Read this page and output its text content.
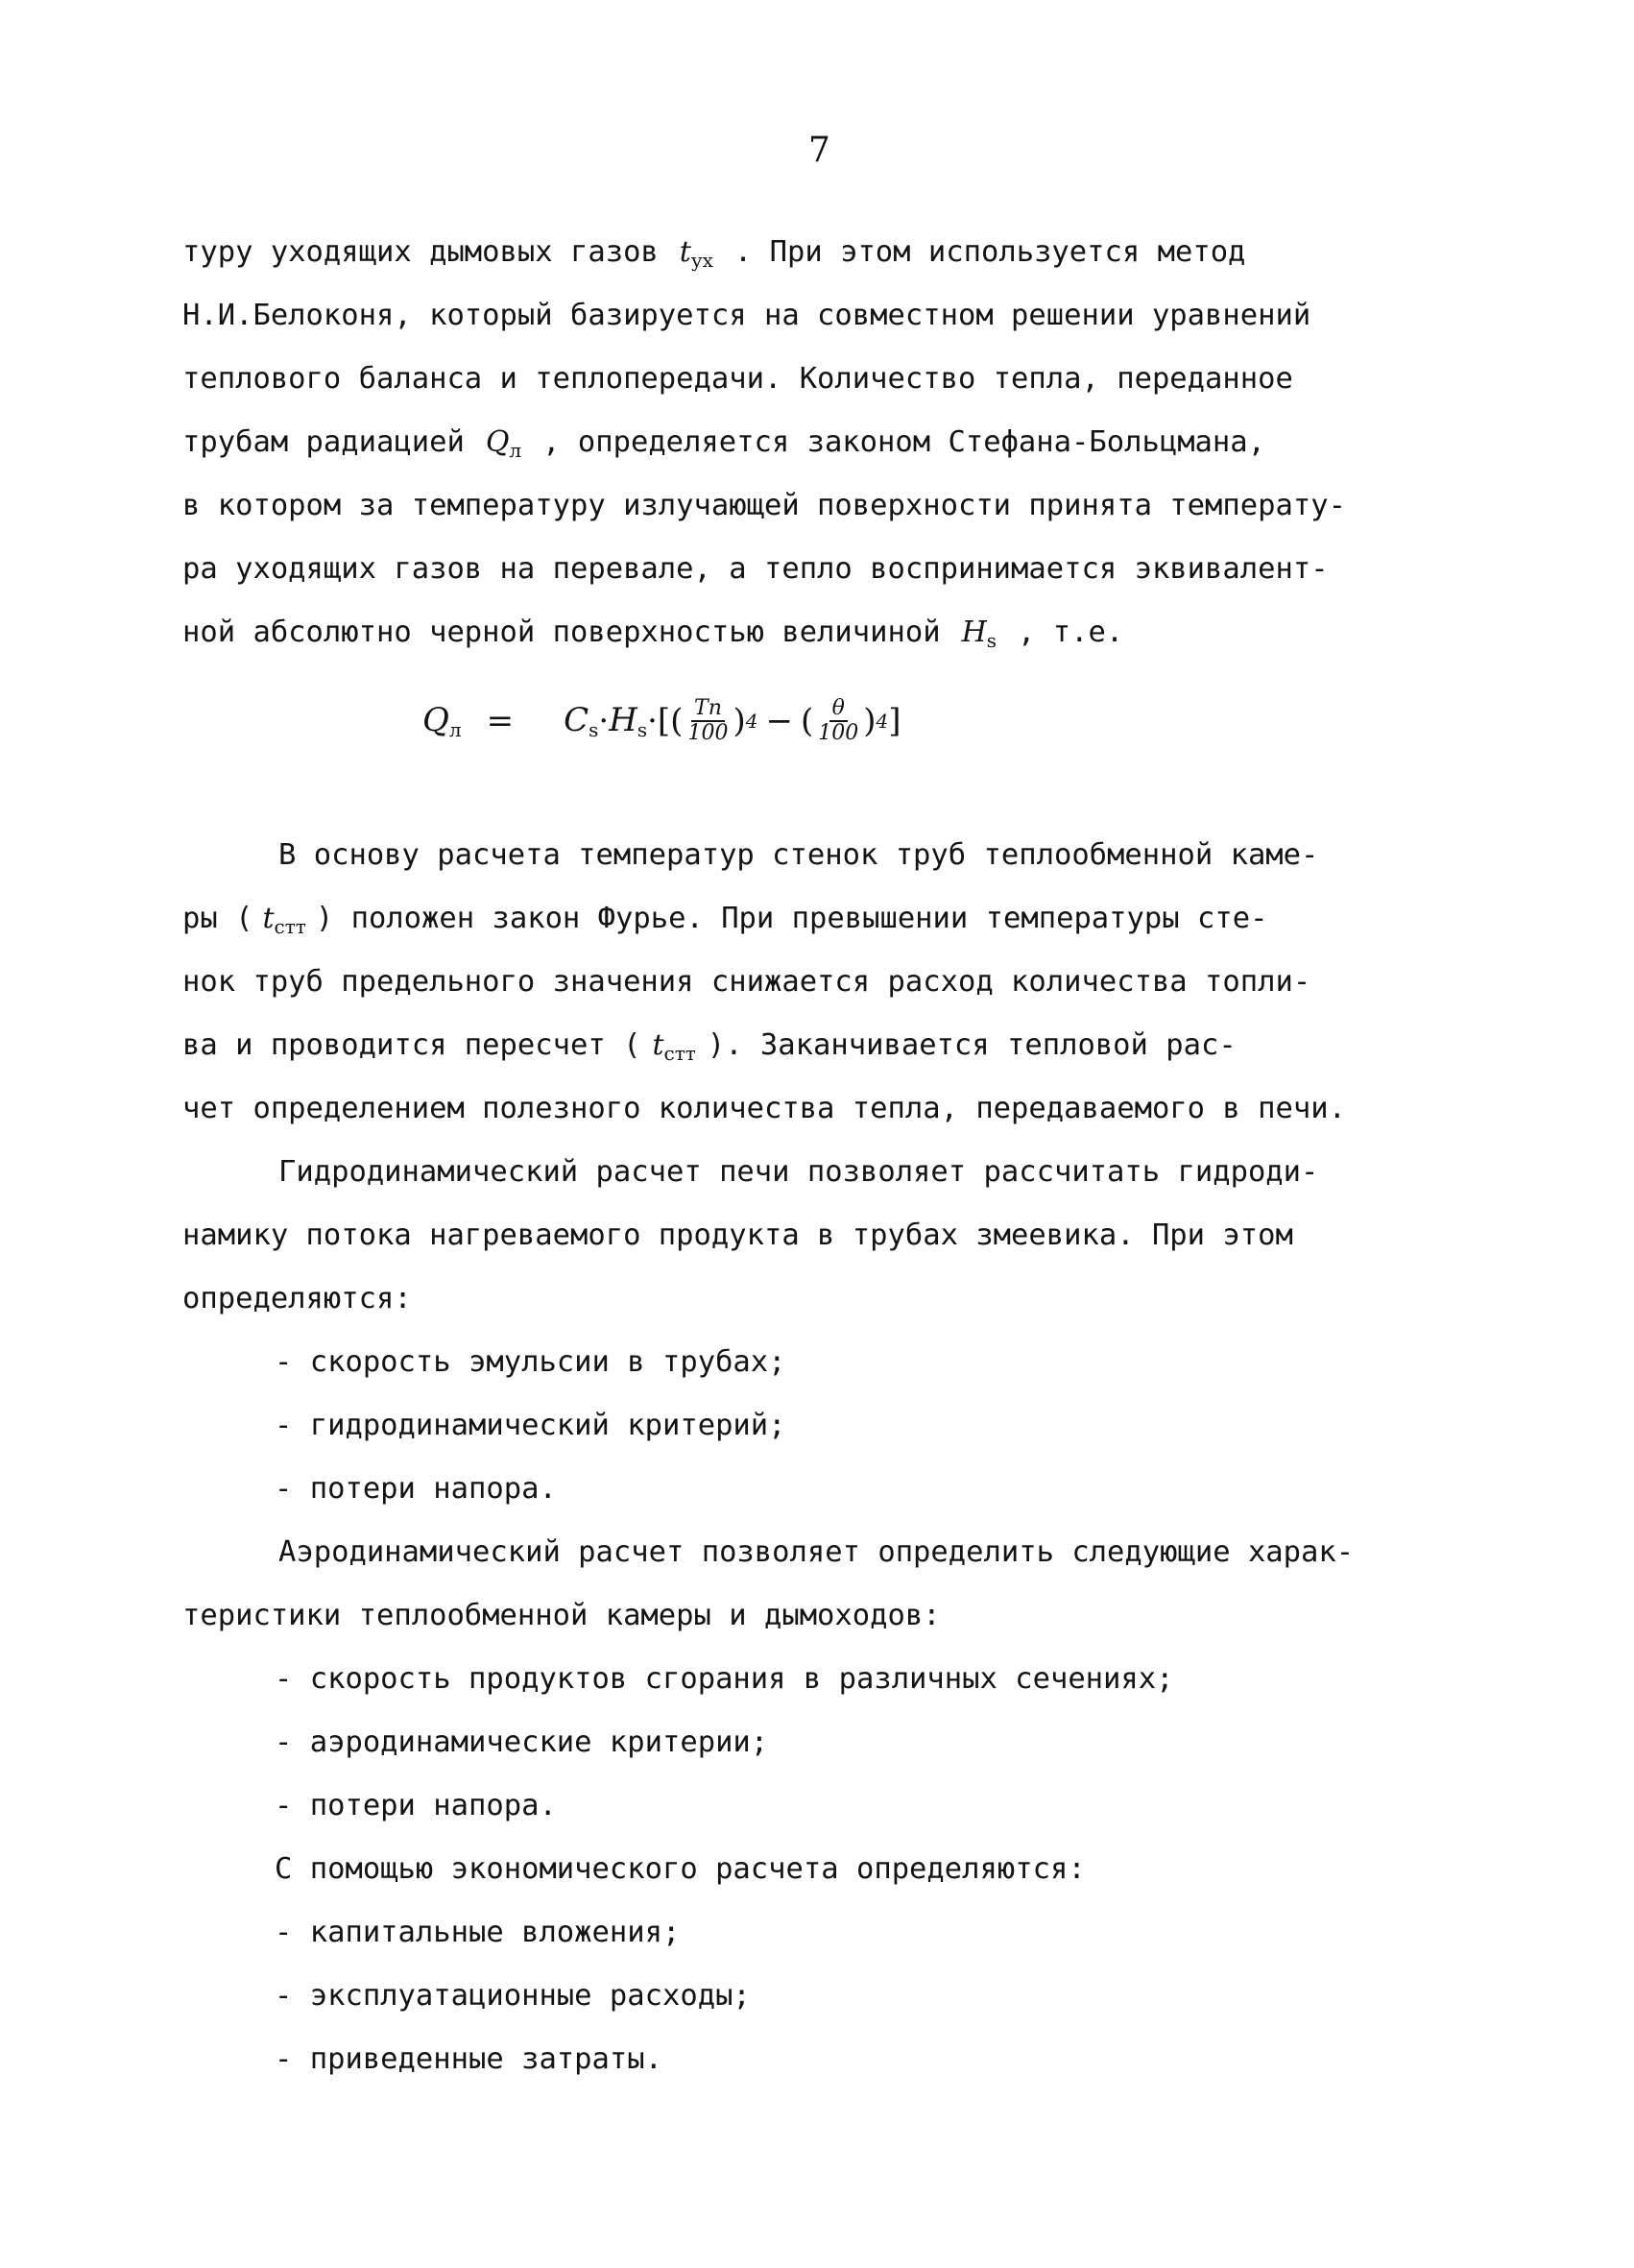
7
туру уходящих дымовых газов $t_{ух}$ . При этом используется метод
Н.И.Белоконя, который базируется на совместном решении уравнений
теплового баланса и теплопередачи. Количество тепла, переданное
трубам радиацией $Q_л$ , определяется законом Стефана-Больцмана,
в котором за температуру излучающей поверхности принята температу-
ра уходящих газов на перевале, а тепло воспринимается эквивалент-
ной абсолютно черной поверхностью величиной $H_s$ , т.е.
$Q_л = C_s \cdot H_s$ ·[( $\frac{Tп}{100}$ ) 4 − ( $\frac{\theta}{100}$ ) 4 ]
В основу расчета температур стенок труб теплообменной каме-
ры ( $t_{стт}$ ) положен закон Фурье. При превышении температуры сте-
нок труб предельного значения снижается расход количества топли-
ва и проводится пересчет ( $t_{стт}$ ). Заканчивается тепловой рас-
чет определением полезного количества тепла, передаваемого в печи.
Гидродинамический расчет печи позволяет рассчитать гидроди-
намику потока нагреваемого продукта в трубах змеевика. При этом
определяются:
- скорость эмульсии в трубах;
- гидродинамический критерий;
- потери напора.
Аэродинамический расчет позволяет определить следующие харак-
теристики теплообменной камеры и дымоходов:
- скорость продуктов сгорания в различных сечениях;
- аэродинамические критерии;
- потери напора.
С помощью экономического расчета определяются:
- капитальные вложения;
- эксплуатационные расходы;
- приведенные затраты.
